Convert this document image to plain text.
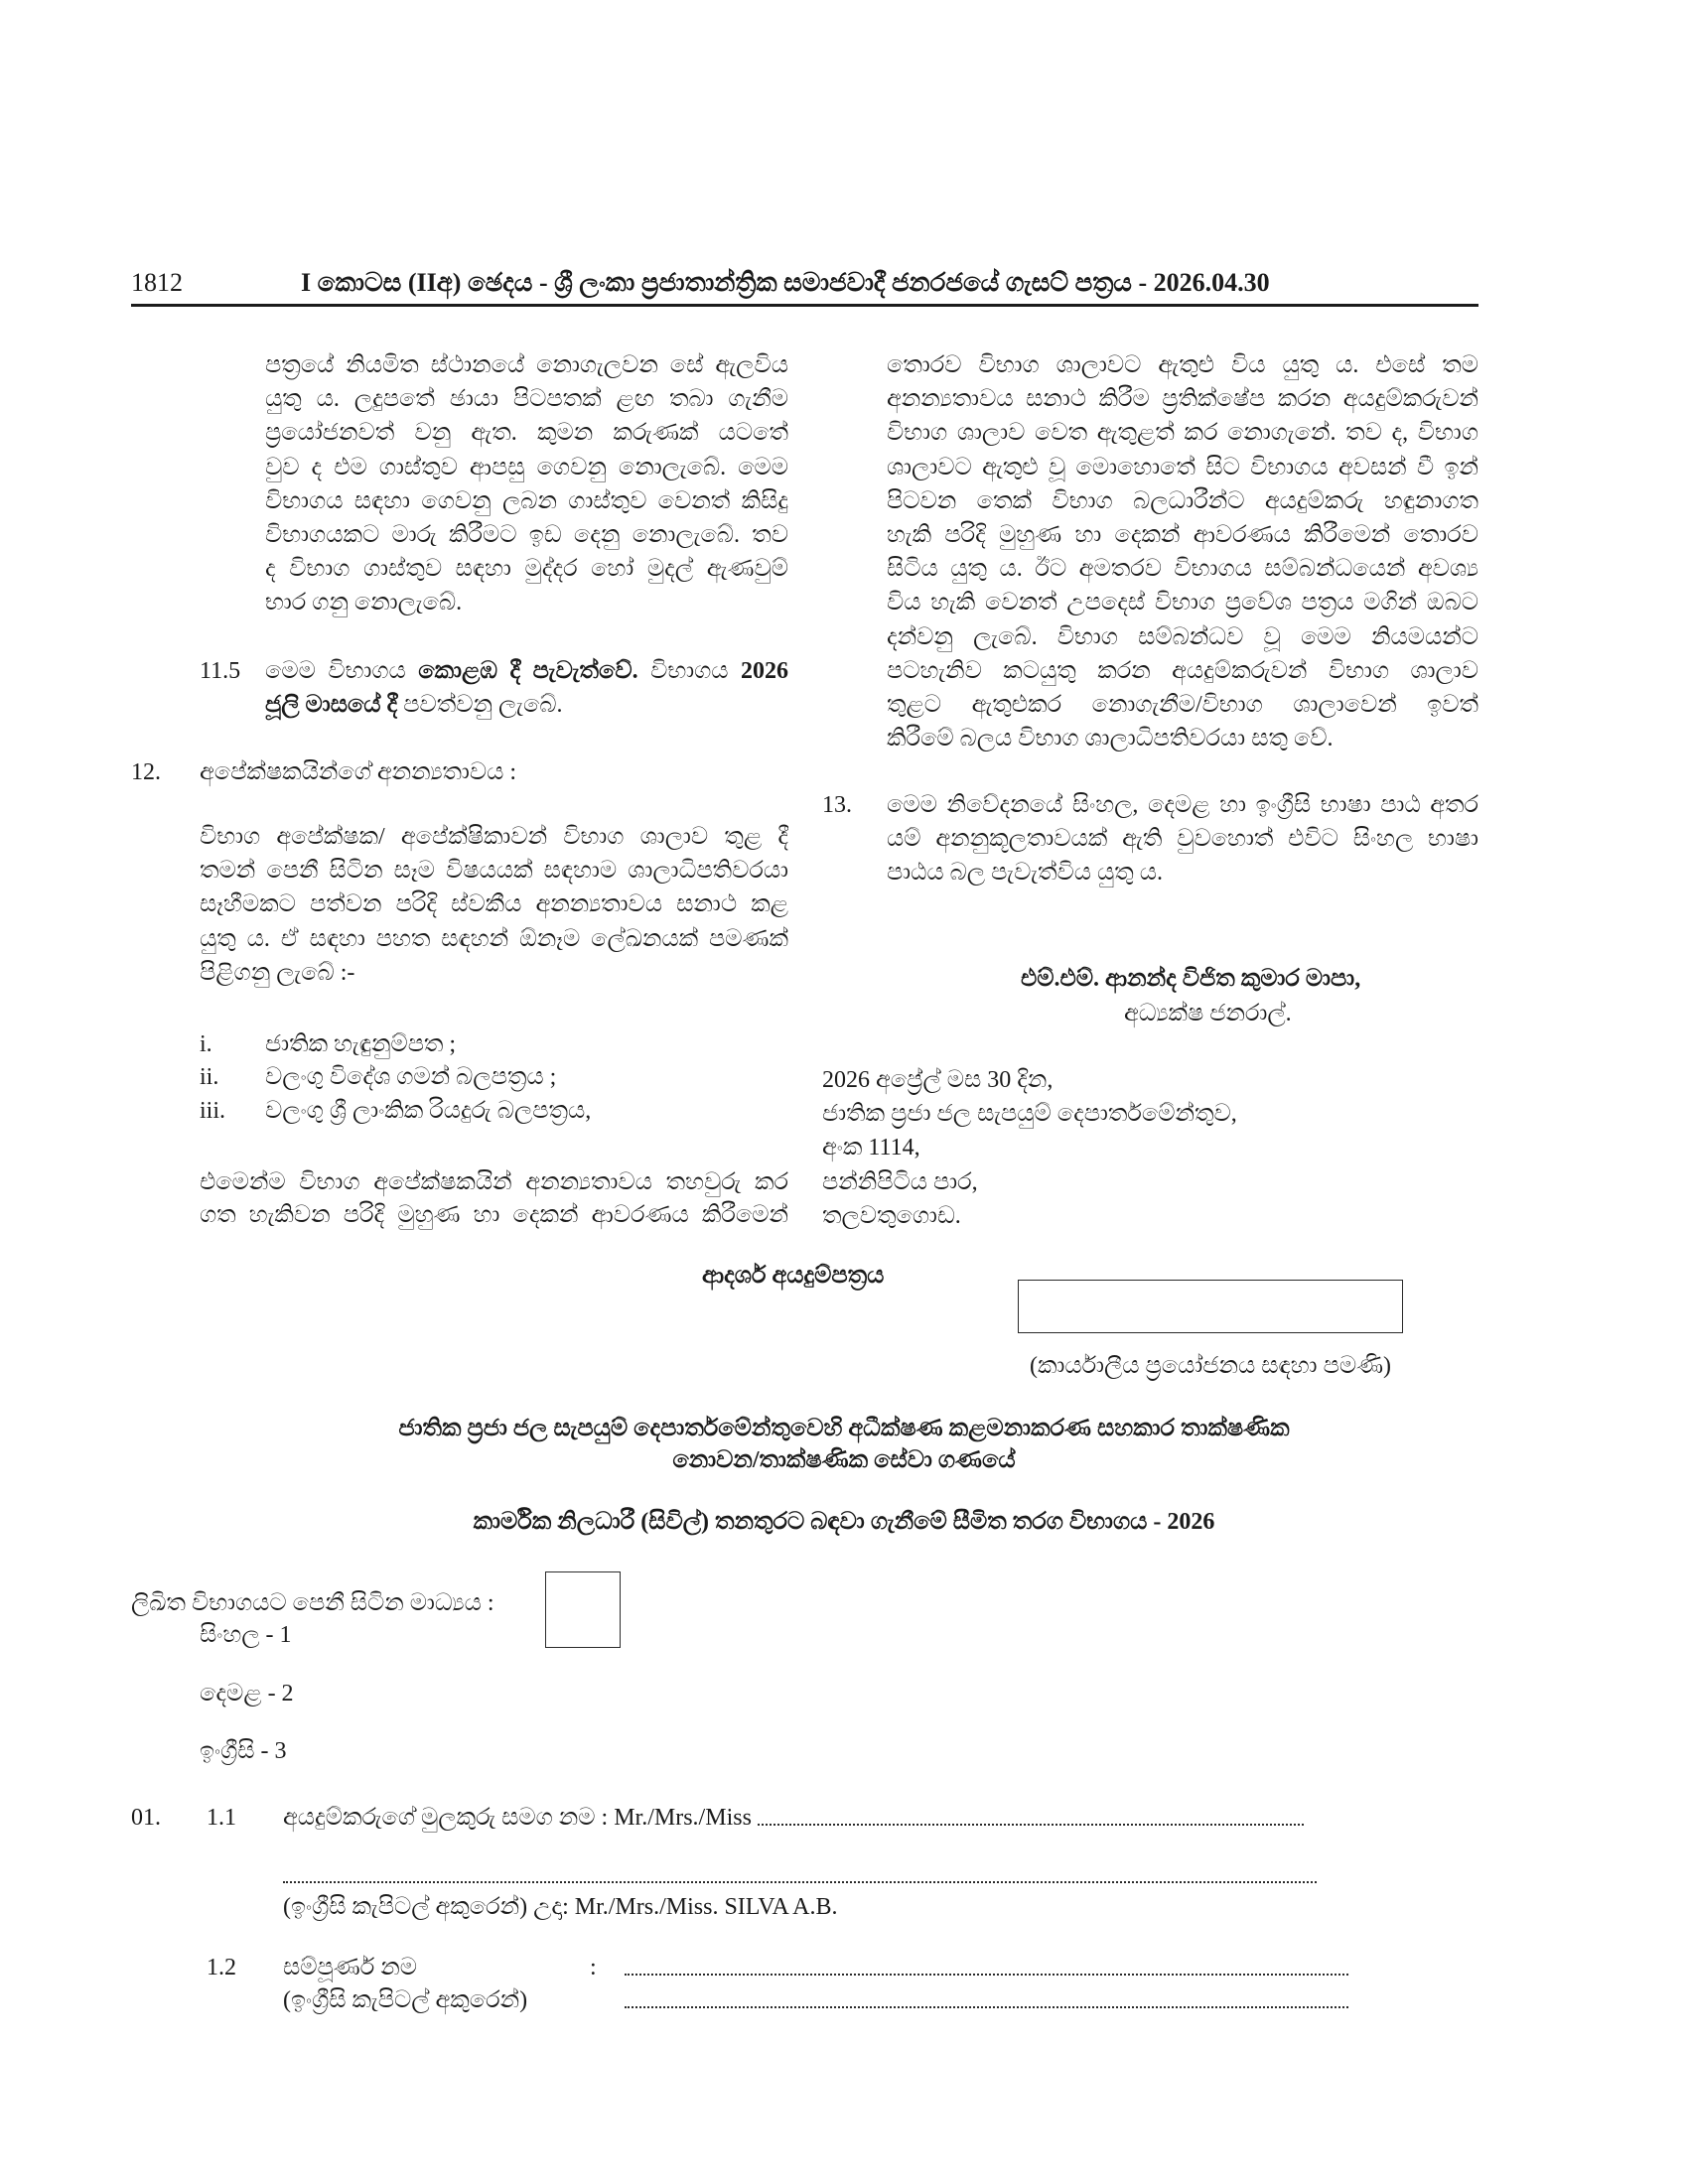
1812	I කොටස (IIඅ) ඡෙදය - ශ්‍රී ලංකා ප්‍රජාතාන්ත්‍රික සමාජවාදී ජනරජයේ ගැසට් පත්‍රය - 2026.04.30
පත්‍රයේ නියමිත ස්ථානයේ නොගැලවන සේ ඇලවිය
යුතු ය. ලදුපතේ ඡායා පිටපතක් ළඟ තබා ගැනීම
ප්‍රයෝජනවත් වනු ඇත. කුමන කරුණක් යටතේ
වුව ද එම ගාස්තුව ආපසු ගෙවනු නොලැබේ. මෙම
විභාගය සඳහා ගෙවනු ලබන ගාස්තුව වෙනත් කිසිදු
විභාගයකට මාරු කිරීමට ඉඩ දෙනු නොලැබේ. තව
ද විභාග ගාස්තුව සඳහා මුද්දර හෝ මුදල් ඇණවුම්
භාර ගනු නොලැබේ.
11.5 මෙම විභාගය කොළඹ දී පැවැත්වේ. විභාගය 2026
ජූලි මාසයේ දී පවත්වනු ලැබේ.
12. අපේක්ෂකයින්ගේ අනන්‍යතාවය :
විභාග අපේක්ෂක/ අපේක්ෂිකාවන් විභාග ශාලාව තුළ දී
තමන් පෙනී සිටින සෑම විෂයයක් සඳහාම ශාලාධිපතිවරයා
සෑහීමකට පත්වන පරිදි ස්වකීය අනන්‍යතාවය සනාථ කළ
යුතු ය. ඒ සඳහා පහත සඳහන් ඕනෑම ලේඛනයක් පමණක්
පිළිගනු ලැබේ :-
i. ජාතික හැඳුනුම්පත ;
ii. වලංගු විදේශ ගමන් බලපත්‍රය ;
iii. වලංගු ශ්‍රී ලාංකික රියදුරු බලපත්‍රය,
එමෙන්ම විභාග අපේක්ෂකයින් අනන්‍යතාවය තහවුරු කර
ගත හැකිවන පරිදි මුහුණ හා දෙකන් ආවරණය කිරීමෙන්
තොරව විභාග ශාලාවට ඇතුළු විය යුතු ය. එසේ තම
අනන්‍යතාවය සනාථ කිරීම ප්‍රතික්ෂේප කරන අයදුම්කරුවන්
විභාග ශාලාව වෙත ඇතුළත් කර නොගැනේ. තව ද, විභාග
ශාලාවට ඇතුළු වූ මොහොතේ සිට විභාගය අවසන් වී ඉන්
පිටවන තෙක් විභාග බලධාරීන්ට අයදුම්කරු හඳුනාගත
හැකි පරිදි මුහුණ හා දෙකන් ආවරණය කිරීමෙන් තොරව
සිටිය යුතු ය. ඊට අමතරව විභාගය සම්බන්ධයෙන් අවශ්‍ය
විය හැකි වෙනත් උපදෙස් විභාග ප්‍රවේශ පත්‍රය මගින් ඔබට
දන්වනු ලැබේ. විභාග සම්බන්ධව වූ මෙම නියමයන්ට
පටහැනිව කටයුතු කරන අයදුම්කරුවන් විභාග ශාලාව
තුළට ඇතුළුකර නොගැනීම/විභාග ශාලාවෙන් ඉවත්
කිරීමේ බලය විභාග ශාලාධිපතිවරයා සතු වේ.
13. මෙම නිවේදනයේ සිංහල, දෙමළ හා ඉංග්‍රීසි භාෂා පාඨ අතර
යම් අනනුකූලතාවයක් ඇති වුවහොත් එවිට සිංහල භාෂා
පාඨය බල පැවැත්විය යුතු ය.
එම්.එම්. ආනන්ද විජිත කුමාර මාපා,
අධ්‍යක්ෂ ජනරාල්.
2026 අප්‍රේල් මස 30 දින,
ජාතික ප්‍රජා ජල සැපයුම් දෙපාර්තමේන්තුව,
අංක 1114,
පන්නිපිටිය පාර,
තලවතුගොඩ.
ආදර්ශ අයදුම්පත්‍රය
(කාර්යාලීය ප්‍රයෝජනය සඳහා පමණි)
ජාතික ප්‍රජා ජල සැපයුම් දෙපාර්තමේන්තුවෙහි අධීක්ෂණ කළමනාකරණ සහකාර තාක්ෂණික
නොවන/තාක්ෂණික සේවා ගණයේ
කාර්මික නිලධාරී (සිවිල්) තනතුරට බඳවා ගැනීමේ සීමිත තරග විභාගය - 2026
ලිඛිත විභාගයට පෙනී සිටින මාධ්‍යය :
සිංහල - 1
දෙමළ - 2
ඉංග්‍රීසි - 3
01. 1.1 අයදුම්කරුගේ මුලකුරු සමග නම : Mr./Mrs./Miss
(ඉංග්‍රීසි කැපිටල් අකුරෙන්) උදා: Mr./Mrs./Miss. SILVA A.B.
1.2 සම්පූර්ණ නම	:
(ඉංග්‍රීසි කැපිටල් අකුරෙන්)
